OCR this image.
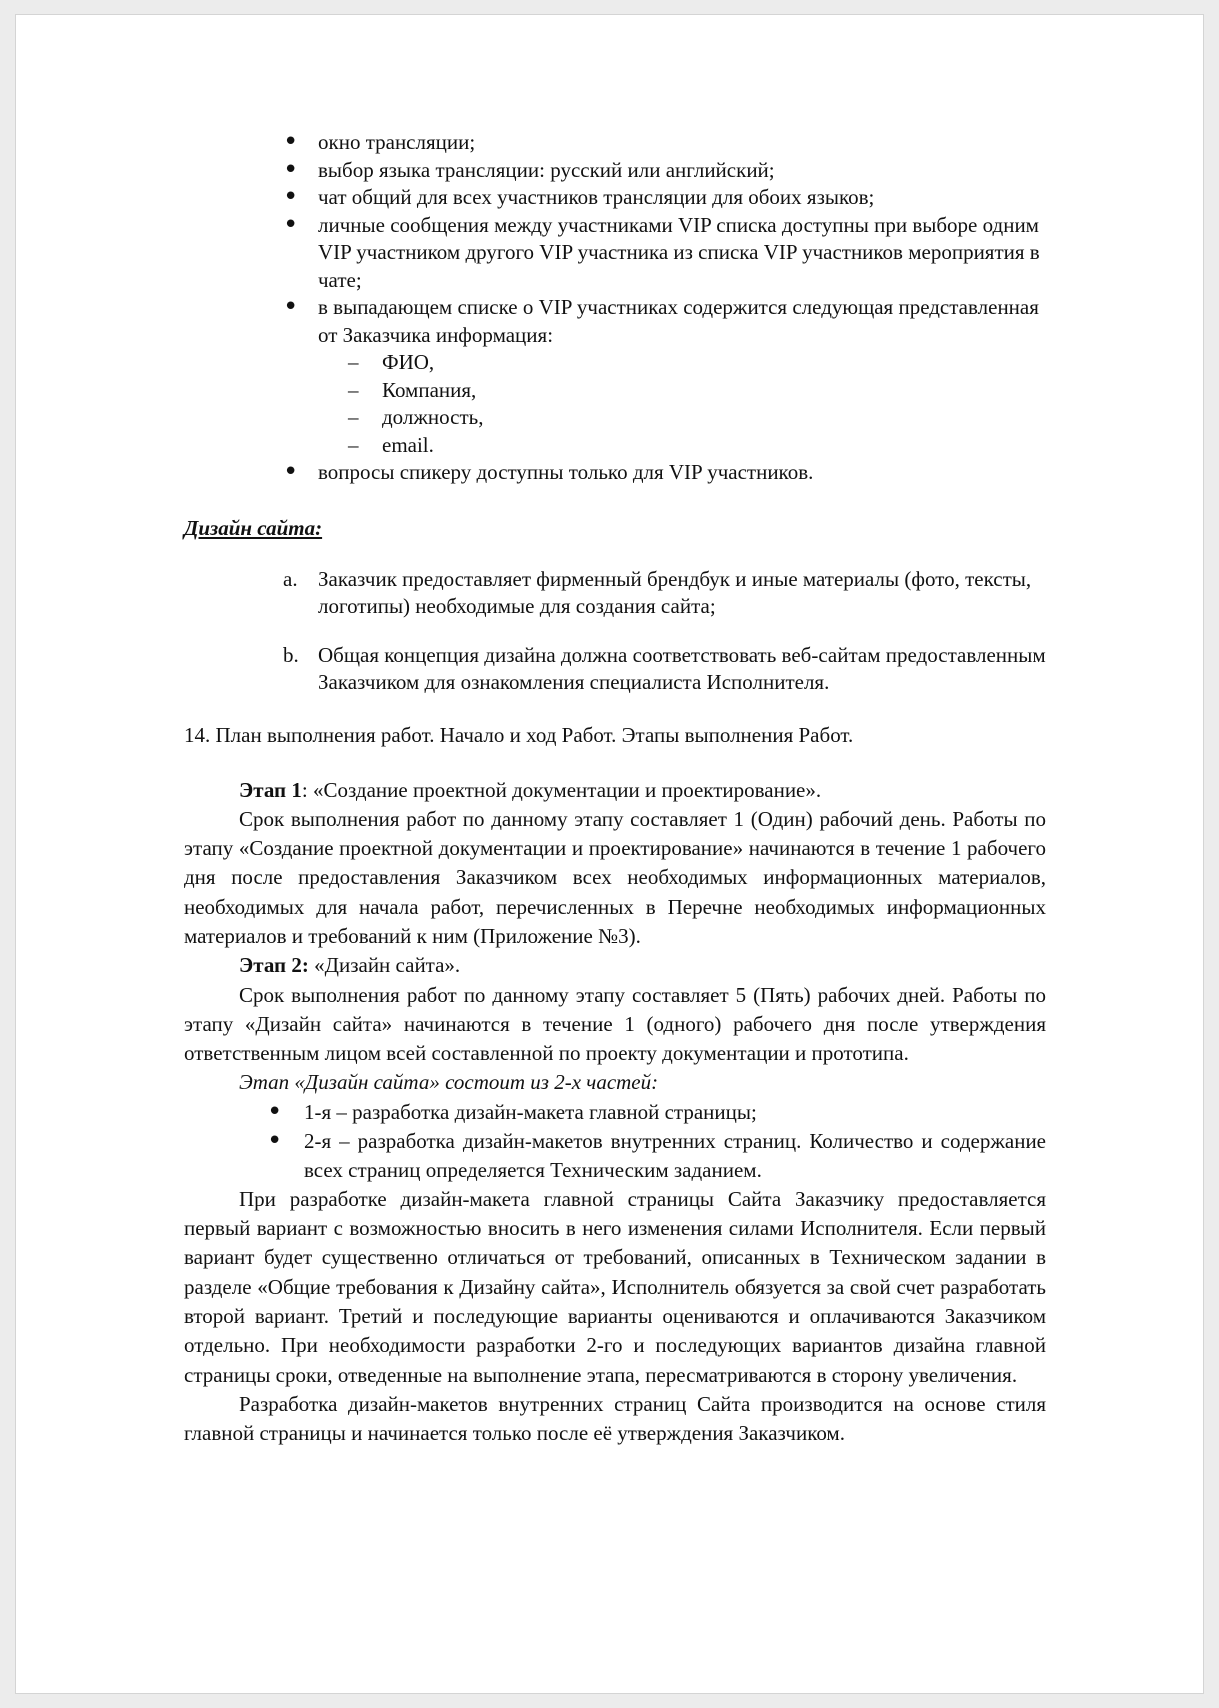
• окно трансляции;
• выбор языка трансляции: русский или английский;
• чат общий для всех участников трансляции для обоих языков;
• личные сообщения между участниками VIP списка доступны при выборе одним VIP участником другого VIP участника из списка VIP участников мероприятия в чате;
• в выпадающем списке о VIP участниках содержится следующая представленная от Заказчика информация:
– ФИО,
– Компания,
– должность,
– email.
• вопросы спикеру доступны только для VIP участников.

Дизайн сайта:

a. Заказчик предоставляет фирменный брендбук и иные материалы (фото, тексты, логотипы) необходимые для создания сайта;
b. Общая концепция дизайна должна соответствовать веб-сайтам предоставленным Заказчиком для ознакомления специалиста Исполнителя.

14. План выполнения работ. Начало и ход Работ. Этапы выполнения Работ.

Этап 1: «Создание проектной документации и проектирование».

Срок выполнения работ по данному этапу составляет 1 (Один) рабочий день. Работы по этапу «Создание проектной документации и проектирование» начинаются в течение 1 рабочего дня после предоставления Заказчиком всех необходимых информационных материалов, необходимых для начала работ, перечисленных в Перечне необходимых информационных материалов и требований к ним (Приложение №3).

Этап 2: «Дизайн сайта».

Срок выполнения работ по данному этапу составляет 5 (Пять) рабочих дней. Работы по этапу «Дизайн сайта» начинаются в течение 1 (одного) рабочего дня после утверждения ответственным лицом всей составленной по проекту документации и прототипа.

Этап «Дизайн сайта» состоит из 2-х частей:

• 1-я – разработка дизайн-макета главной страницы;
• 2-я – разработка дизайн-макетов внутренних страниц. Количество и содержание всех страниц определяется Техническим заданием.

При разработке дизайн-макета главной страницы Сайта Заказчику предоставляется первый вариант с возможностью вносить в него изменения силами Исполнителя. Если первый вариант будет существенно отличаться от требований, описанных в Техническом задании в разделе «Общие требования к Дизайну сайта», Исполнитель обязуется за свой счет разработать второй вариант. Третий и последующие варианты оцениваются и оплачиваются Заказчиком отдельно. При необходимости разработки 2-го и последующих вариантов дизайна главной страницы сроки, отведенные на выполнение этапа, пересматриваются в сторону увеличения.

Разработка дизайн-макетов внутренних страниц Сайта производится на основе стиля главной страницы и начинается только после её утверждения Заказчиком.
